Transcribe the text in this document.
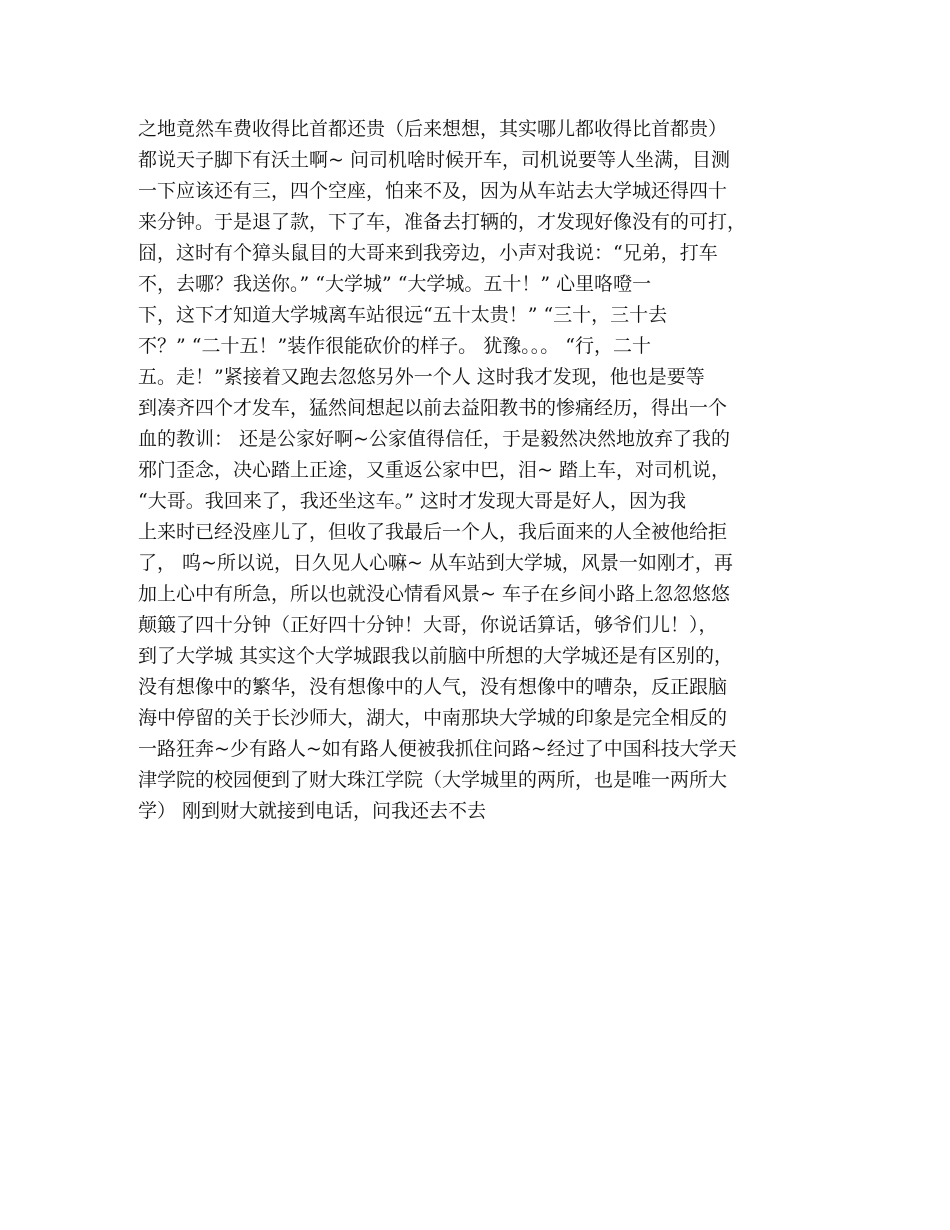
之地竟然车费收得比首都还贵（后来想想，其实哪儿都收得比首都贵）
都说天子脚下有沃土啊~ 问司机啥时候开车，司机说要等人坐满，目测
一下应该还有三，四个空座，怕来不及，因为从车站去大学城还得四十
来分钟。于是退了款，下了车，准备去打辆的，才发现好像没有的可打，
囧，这时有个獐头鼠目的大哥来到我旁边，小声对我说：“兄弟，打车
不，去哪？我送你。” “大学城” “大学城。五十！” 心里咯噔一
下，这下才知道大学城离车站很远“五十太贵！” “三十，三十去
不？” “二十五！”装作很能砍价的样子。 犹豫。。。 “行，二十
五。走！”紧接着又跑去忽悠另外一个人 这时我才发现，他也是要等
到凑齐四个才发车，猛然间想起以前去益阳教书的惨痛经历，得出一个
血的教训： 还是公家好啊~公家值得信任，于是毅然决然地放弃了我的
邪门歪念，决心踏上正途，又重返公家中巴，泪~ 踏上车，对司机说，
“大哥。我回来了，我还坐这车。” 这时才发现大哥是好人，因为我
上来时已经没座儿了，但收了我最后一个人，我后面来的人全被他给拒
了， 呜~所以说，日久见人心嘛~ 从车站到大学城，风景一如刚才，再
加上心中有所急，所以也就没心情看风景~ 车子在乡间小路上忽忽悠悠
颠簸了四十分钟（正好四十分钟！大哥，你说话算话，够爷们儿！），
到了大学城 其实这个大学城跟我以前脑中所想的大学城还是有区别的，
没有想像中的繁华，没有想像中的人气，没有想像中的嘈杂，反正跟脑
海中停留的关于长沙师大，湖大，中南那块大学城的印象是完全相反的
一路狂奔~少有路人~如有路人便被我抓住问路~经过了中国科技大学天
津学院的校园便到了财大珠江学院（大学城里的两所，也是唯一两所大
学） 刚到财大就接到电话，问我还去不去
